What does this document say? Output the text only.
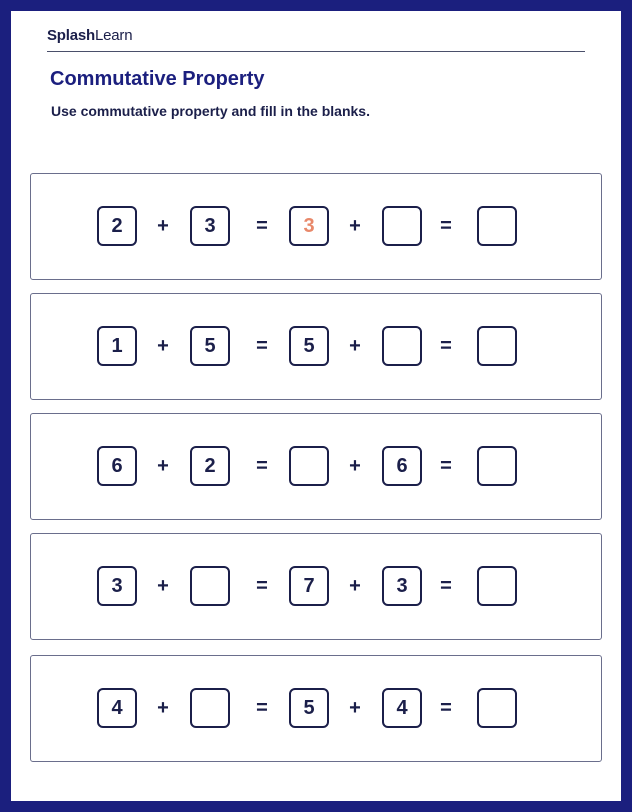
SplashLearn
Commutative Property
Use commutative property and fill in the blanks.
2	+	3	=	3	+	=
1	+	5	=	5	+	=
6	+	2	=	+	6	=
3	+	=	7	+	3	=
4	+	=	5	+	4	=
